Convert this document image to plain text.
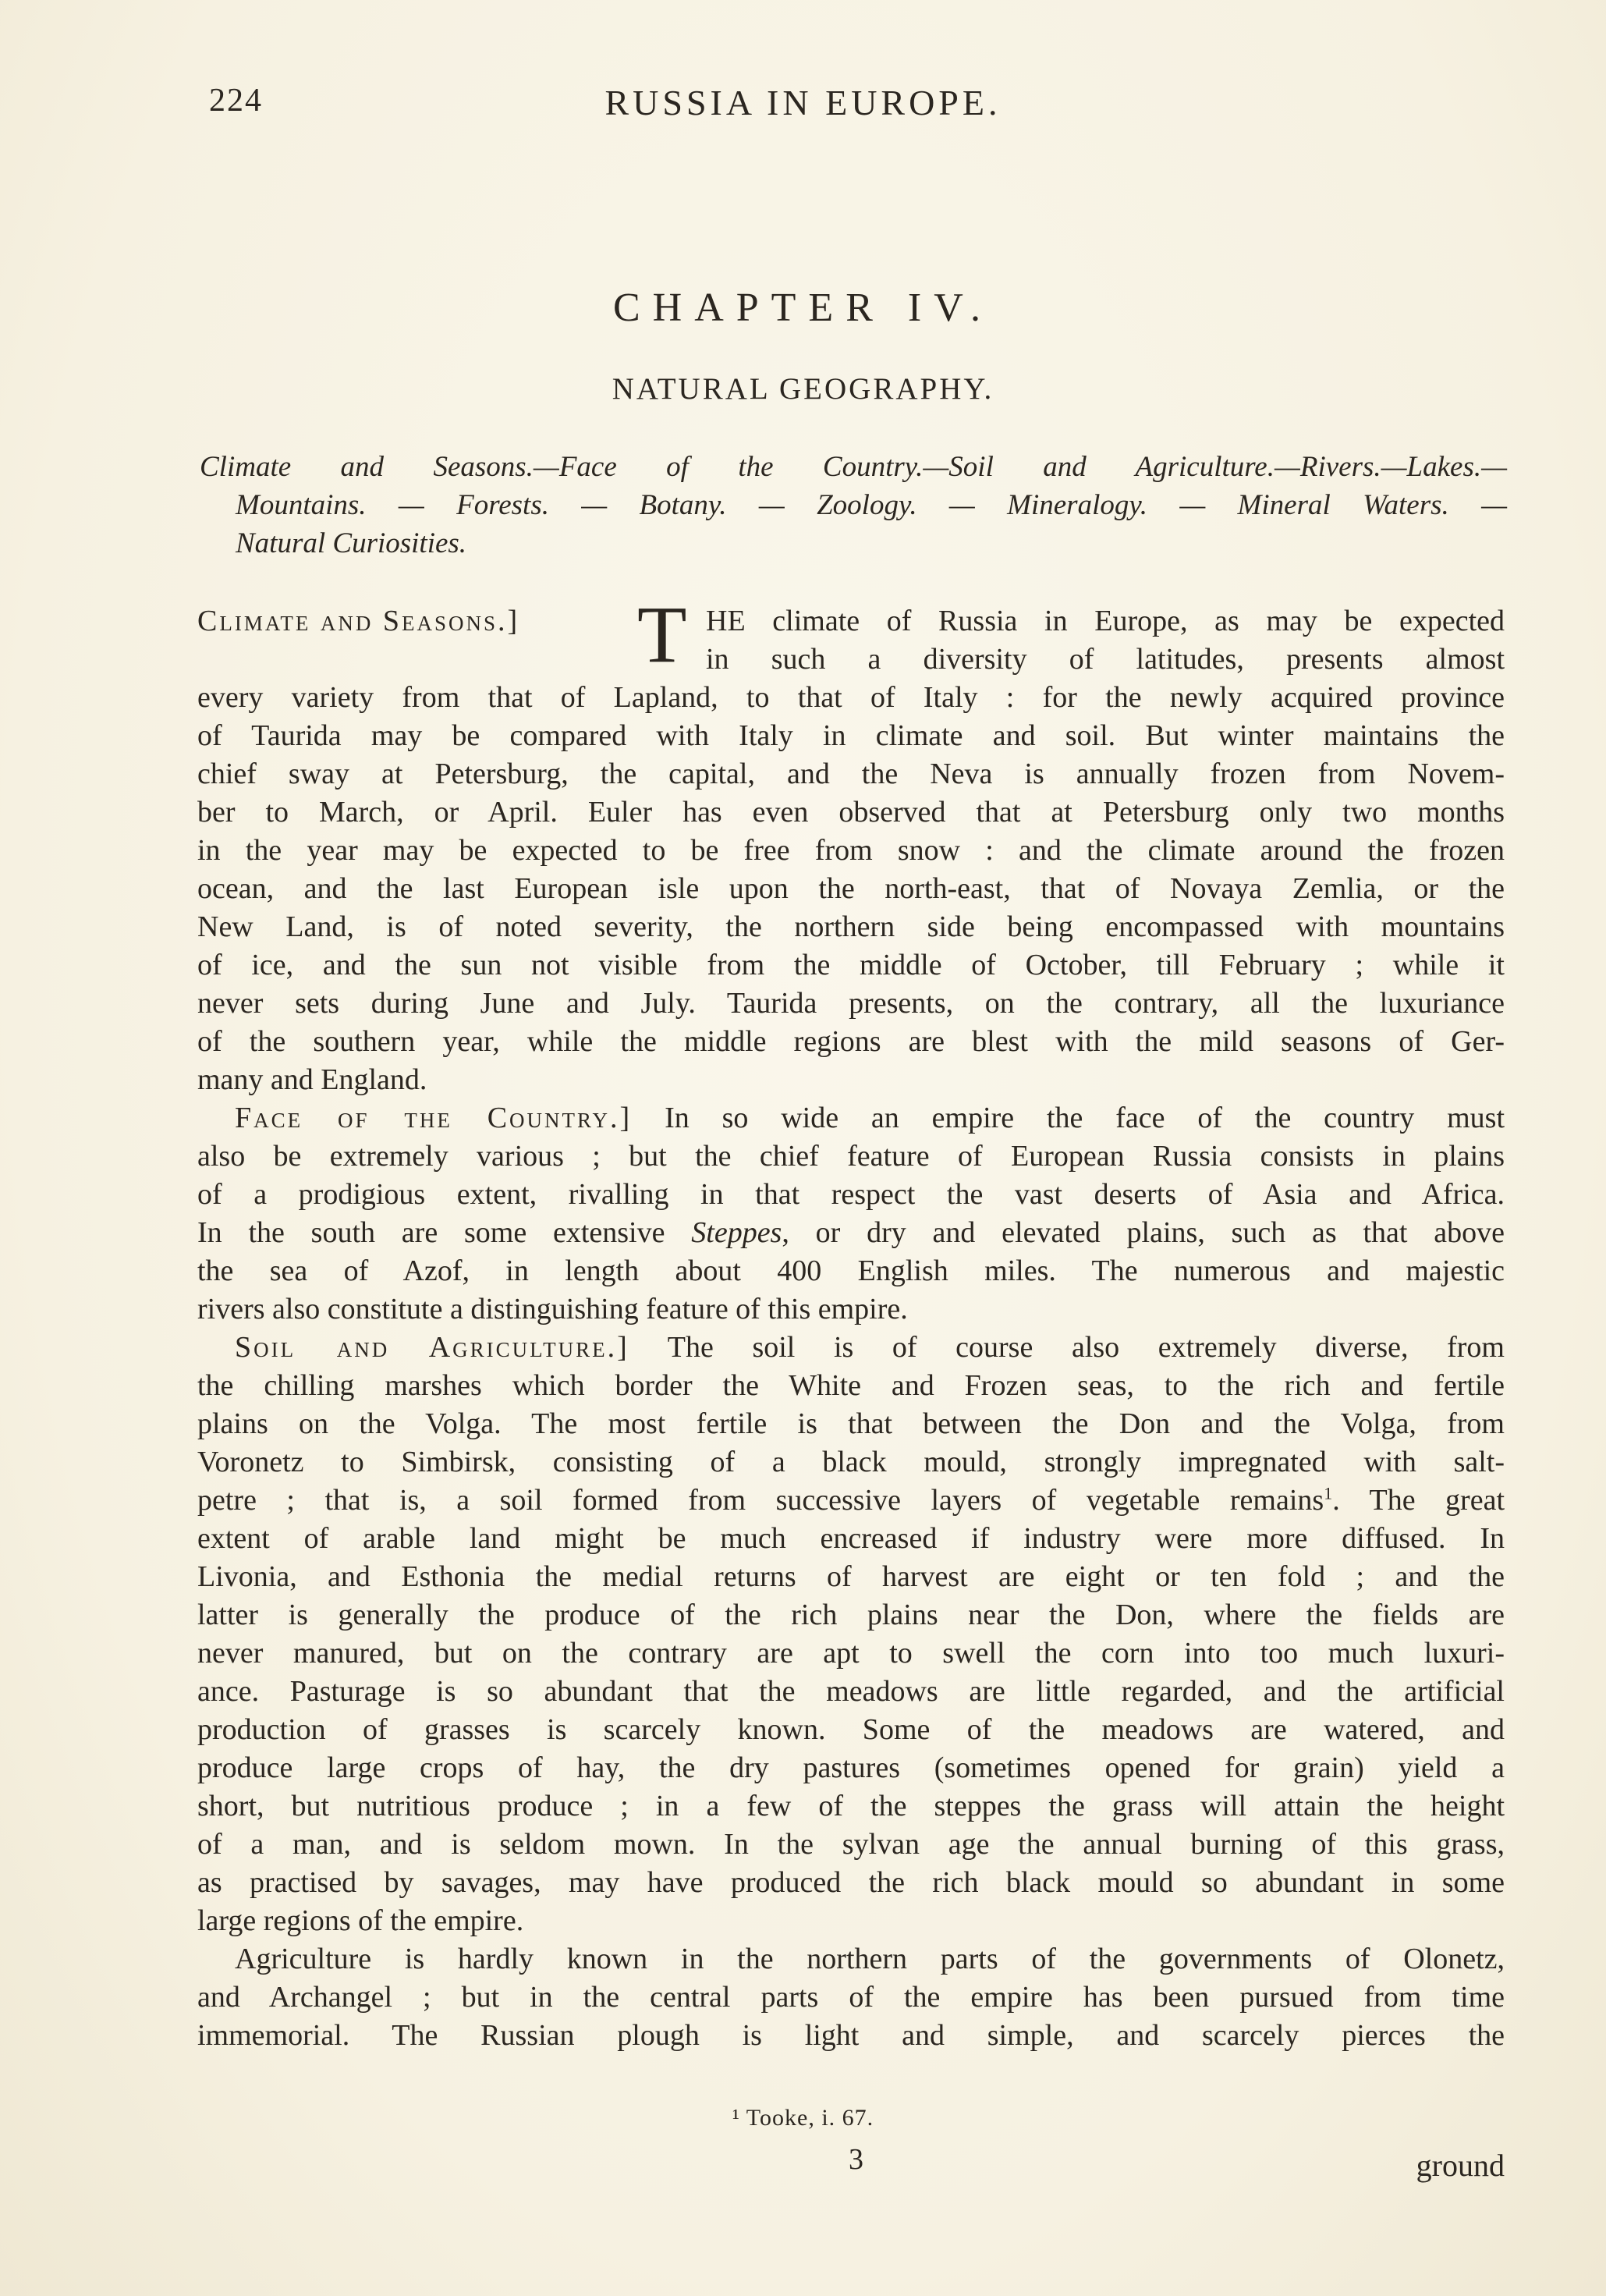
224	RUSSIA IN EUROPE.
CHAPTER IV.
NATURAL GEOGRAPHY.
Climate and Seasons.—Face of the Country.—Soil and Agriculture.—Rivers.—Lakes.—
Mountains. — Forests. — Botany. — Zoology. — Mineralogy. — Mineral Waters. —
Natural Curiosities.
Climate and Seasons.] T HE climate of Russia in Europe, as may be expected
in such a diversity of latitudes, presents almost
every variety from that of Lapland, to that of Italy : for the newly acquired province
of Taurida may be compared with Italy in climate and soil. But winter maintains the
chief sway at Petersburg, the capital, and the Neva is annually frozen from Novem-
ber to March, or April. Euler has even observed that at Petersburg only two months
in the year may be expected to be free from snow : and the climate around the frozen
ocean, and the last European isle upon the north-east, that of Novaya Zemlia, or the
New Land, is of noted severity, the northern side being encompassed with mountains
of ice, and the sun not visible from the middle of October, till February ; while it
never sets during June and July. Taurida presents, on the contrary, all the luxuriance
of the southern year, while the middle regions are blest with the mild seasons of Ger-
many and England.
Face of the Country.] In so wide an empire the face of the country must
also be extremely various ; but the chief feature of European Russia consists in plains
of a prodigious extent, rivalling in that respect the vast deserts of Asia and Africa.
In the south are some extensive Steppes, or dry and elevated plains, such as that above
the sea of Azof, in length about 400 English miles. The numerous and majestic
rivers also constitute a distinguishing feature of this empire.
Soil and Agriculture.] The soil is of course also extremely diverse, from
the chilling marshes which border the White and Frozen seas, to the rich and fertile
plains on the Volga. The most fertile is that between the Don and the Volga, from
Voronetz to Simbirsk, consisting of a black mould, strongly impregnated with salt-
petre ; that is, a soil formed from successive layers of vegetable remains$^1$. The great
extent of arable land might be much encreased if industry were more diffused. In
Livonia, and Esthonia the medial returns of harvest are eight or ten fold ; and the
latter is generally the produce of the rich plains near the Don, where the fields are
never manured, but on the contrary are apt to swell the corn into too much luxuri-
ance. Pasturage is so abundant that the meadows are little regarded, and the artificial
production of grasses is scarcely known. Some of the meadows are watered, and
produce large crops of hay, the dry pastures (sometimes opened for grain) yield a
short, but nutritious produce ; in a few of the steppes the grass will attain the height
of a man, and is seldom mown. In the sylvan age the annual burning of this grass,
as practised by savages, may have produced the rich black mould so abundant in some
large regions of the empire.
Agriculture is hardly known in the northern parts of the governments of Olonetz,
and Archangel ; but in the central parts of the empire has been pursued from time
immemorial. The Russian plough is light and simple, and scarcely pierces the
¹ Tooke, i. 67.
3	ground
